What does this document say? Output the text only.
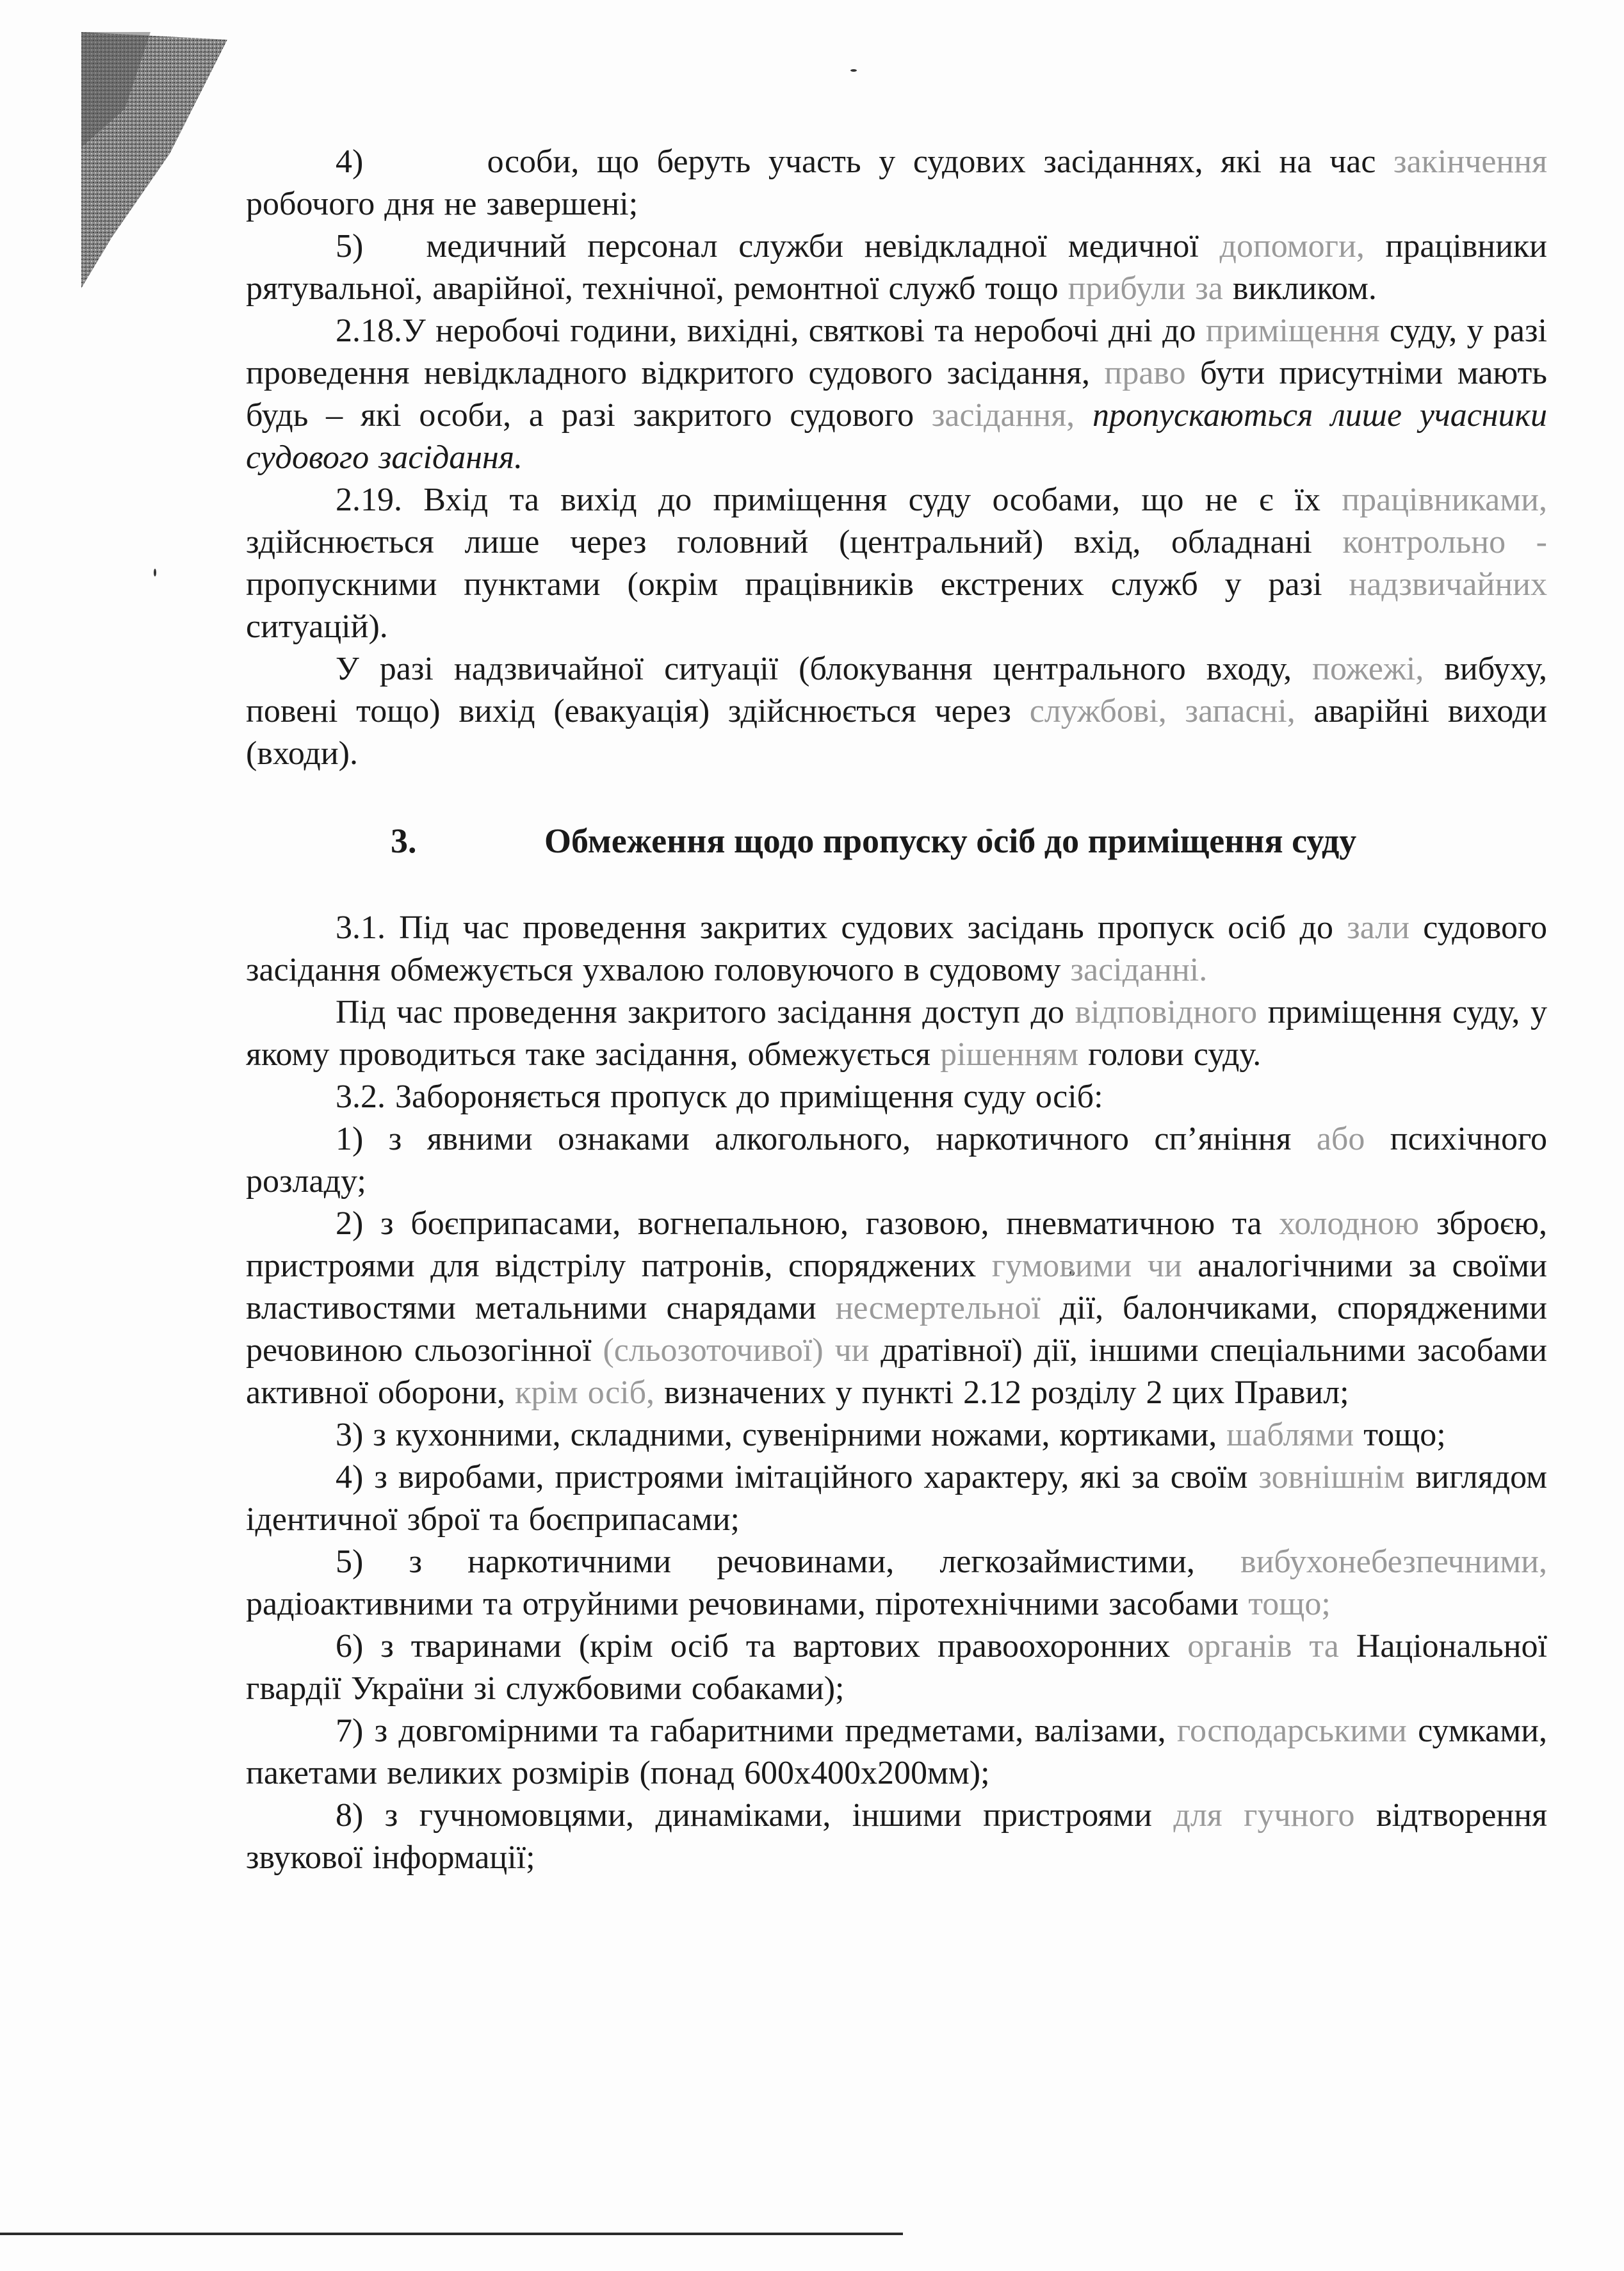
4)       особи, що беруть участь у судових засіданнях, які на час закінчення робочого дня не завершені;

5)   медичний персонал служби невідкладної медичної допомоги, працівники рятувальної, аварійної, технічної, ремонтної служб тощо прибули за викликом.

2.18.У неробочі години, вихідні, святкові та неробочі дні до приміщення суду, у разі проведення невідкладного відкритого судового засідання, право бути присутніми мають будь – які особи, а разі закритого судового засідання, пропускаються лише учасники судового засідання.

2.19. Вхід та вихід до приміщення суду особами, що не є їх працівниками, здійснюється лише через головний (центральний) вхід, обладнані контрольно - пропускними пунктами (окрім працівників екстрених служб у разі надзвичайних ситуацій).

У разі надзвичайної ситуації (блокування центрального входу, пожежі, вибуху, повені тощо) вихід (евакуація) здійснюється через службові, запасні, аварійні виходи (входи).

3.	Обмеження щодо пропуску осіб до приміщення суду

3.1. Під час проведення закритих судових засідань пропуск осіб до зали судового засідання обмежується ухвалою головуючого в судовому засіданні.

Під час проведення закритого засідання доступ до відповідного приміщення суду, у якому проводиться таке засідання, обмежується рішенням голови суду.

3.2. Забороняється пропуск до приміщення суду осіб:

1) з явними ознаками алкогольного, наркотичного сп’яніння або психічного розладу;

2) з боєприпасами, вогнепальною, газовою, пневматичною та холодною зброєю, пристроями для відстрілу патронів, споряджених гумовими чи аналогічними за своїми властивостями метальними снарядами несмертельної дії, балончиками, спорядженими речовиною сльозогінної (сльозоточивої) чи дратівної) дії, іншими спеціальними засобами активної оборони, крім осіб, визначених у пункті 2.12 розділу 2 цих Правил;

3) з кухонними, складними, сувенірними ножами, кортиками, шаблями тощо;

4) з виробами, пристроями імітаційного характеру, які за своїм зовнішнім виглядом ідентичної зброї та боєприпасами;

5) з наркотичними речовинами, легкозаймистими, вибухонебезпечними, радіоактивними та отруйними речовинами, піротехнічними засобами тощо;

6) з тваринами (крім осіб та вартових правоохоронних органів та Національної гвардії України зі службовими собаками);

7) з довгомірними та габаритними предметами, валізами, господарськими сумками, пакетами великих розмірів (понад 600х400х200мм);

8) з гучномовцями, динаміками, іншими пристроями для гучного відтворення звукової інформації;
